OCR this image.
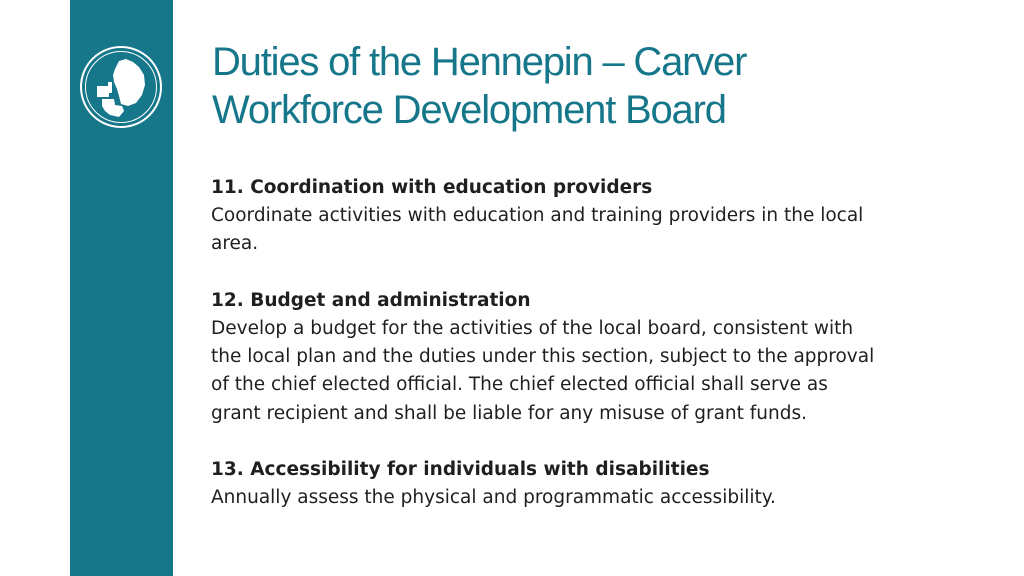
Duties of the Hennepin – Carver
Workforce Development Board
11. Coordination with education providers
Coordinate activities with education and training providers in the local
area.
12. Budget and administration
Develop a budget for the activities of the local board, consistent with
the local plan and the duties under this section, subject to the approval
of the chief elected official. The chief elected official shall serve as
grant recipient and shall be liable for any misuse of grant funds.
13. Accessibility for individuals with disabilities
Annually assess the physical and programmatic accessibility.
